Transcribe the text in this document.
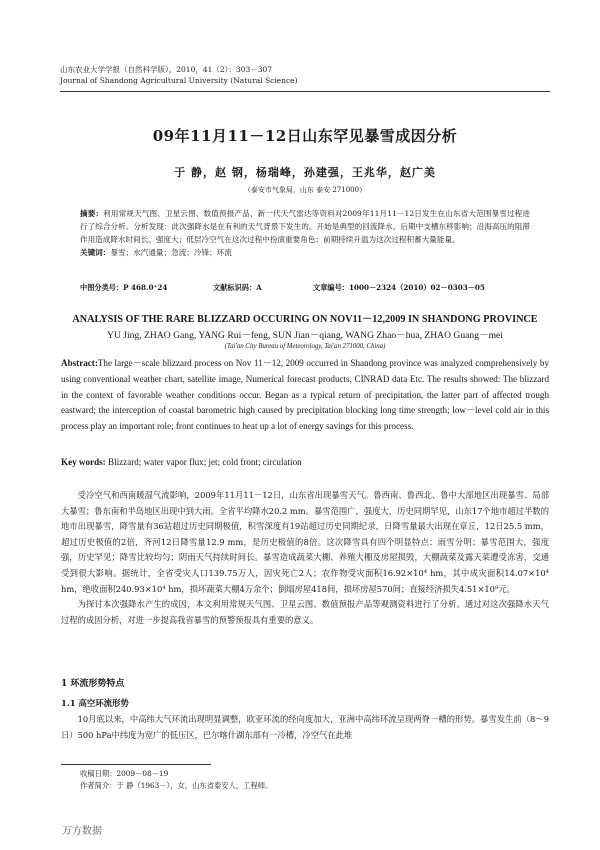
山东农业大学学报（自然科学版），2010，41（2）：303－307
Journal of Shandong Agricultural University (Natural Science)
09年11月11－12日山东罕见暴雪成因分析
于 静，赵 钢，杨瑞峰，孙建强，王兆华，赵广美
（泰安市气象局，山东 泰安 271000）
摘要：利用常规天气图、卫星云图、数值预报产品、新一代天气雷达等资料对2009年11月11－12日发生在山东省大范围暴雪过程进行了综合分析。分析发现：此次强降水是在有利的天气背景下发生的。开始是典型的回流降水，后期中支槽东移影响；沿海高压的阻滞作用造成降水时间长、强度大；低层冷空气在这次过程中扮演重要角色；前期持续升温为这次过程积蓄大量能量。
关键词：暴雪；水汽通量；急流；冷锋；环流
中图分类号：P 468.0⁺24	文献标识码：A	文章编号：1000－2324（2010）02－0303－05
ANALYSIS OF THE RARE BLIZZARD OCCURING ON NOV11－12,2009 IN SHANDONG PROVINCE
YU Jing, ZHAO Gang, YANG Rui－feng, SUN Jian－qiang, WANG Zhao－hua, ZHAO Guang－mei
(Tai'an City Bureau of Meteorology, Tai'an 271000, China)
Abstract:The large－scale blizzard process on Nov 11－12, 2009 occurred in Shandong province was analyzed comprehensively by using conventional weather chart, satellite image, Numerical forecast products, CINRAD data Etc. The results showed: The blizzard in the context of favorable weather conditions occur. Began as a typical return of precipitation, the latter part of affected trough eastward; the interception of coastal barometric high caused by precipitation blocking long time strength; low－level cold air in this process play an important role; front continues to heat up a lot of energy savings for this process.
Key words: Blizzard; water vapor flux; jet; cold front; circulation

受冷空气和西南暖湿气流影响，2009年11月11－12日，山东省出现暴雪天气。鲁西南、鲁西北、鲁中大部地区出现暴雪、局部大暴雪；鲁东南和半岛地区出现中到大雨。全省平均降水20.2 mm。暴雪范围广，强度大，历史同期罕见，山东17个地市超过半数的地市出现暴雪，降雪量有36站超过历史同期极值，积雪深度有19站超过历史同期纪录，日降雪量最大出现在章丘，12日25.5 mm，超过历史极值的2倍，齐河12日降雪量12.9 mm，是历史极值的8倍。这次降雪具有四个明显特点：雨雪分明；暴雪范围大，强度强，历史罕见；降雪比较均匀；阴雨天气持续时间长。暴雪造成蔬菜大棚、养殖大棚及房屋损毁，大棚蔬菜及露天菜遭受冻害，交通受到很大影响。据统计，全省受灾人口139.75万人，因灾死亡2人；农作物受灾面积16.92×10⁴ hm，其中成灾面积14.07×10⁴ hm，绝收面积240.93×10⁴ hm，损坏蔬菜大棚4万余个；倒塌房屋418间，损坏房屋570间；直接经济损失4.51×10⁸元。

为探讨本次强降水产生的成因，本文利用常规天气图、卫星云图、数值预报产品等观测资料进行了分析。通过对这次强降水天气过程的成因分析，对进一步提高我省暴雪的预警预报具有重要的意义。

1 环流形势特点
1.1 高空环流形势

10月底以来，中高纬大气环流出现明显调整，欧亚环流的经向度加大，亚洲中高纬环流呈现两脊一槽的形势。暴雪发生前（8～9日）500 hPa中纬度为宽广的低压区，巴尔喀什湖东部有一冷槽，冷空气在此堆

收稿日期：2009－08－19
作者简介：于 静（1963－），女，山东省泰安人，工程师。
万方数据
